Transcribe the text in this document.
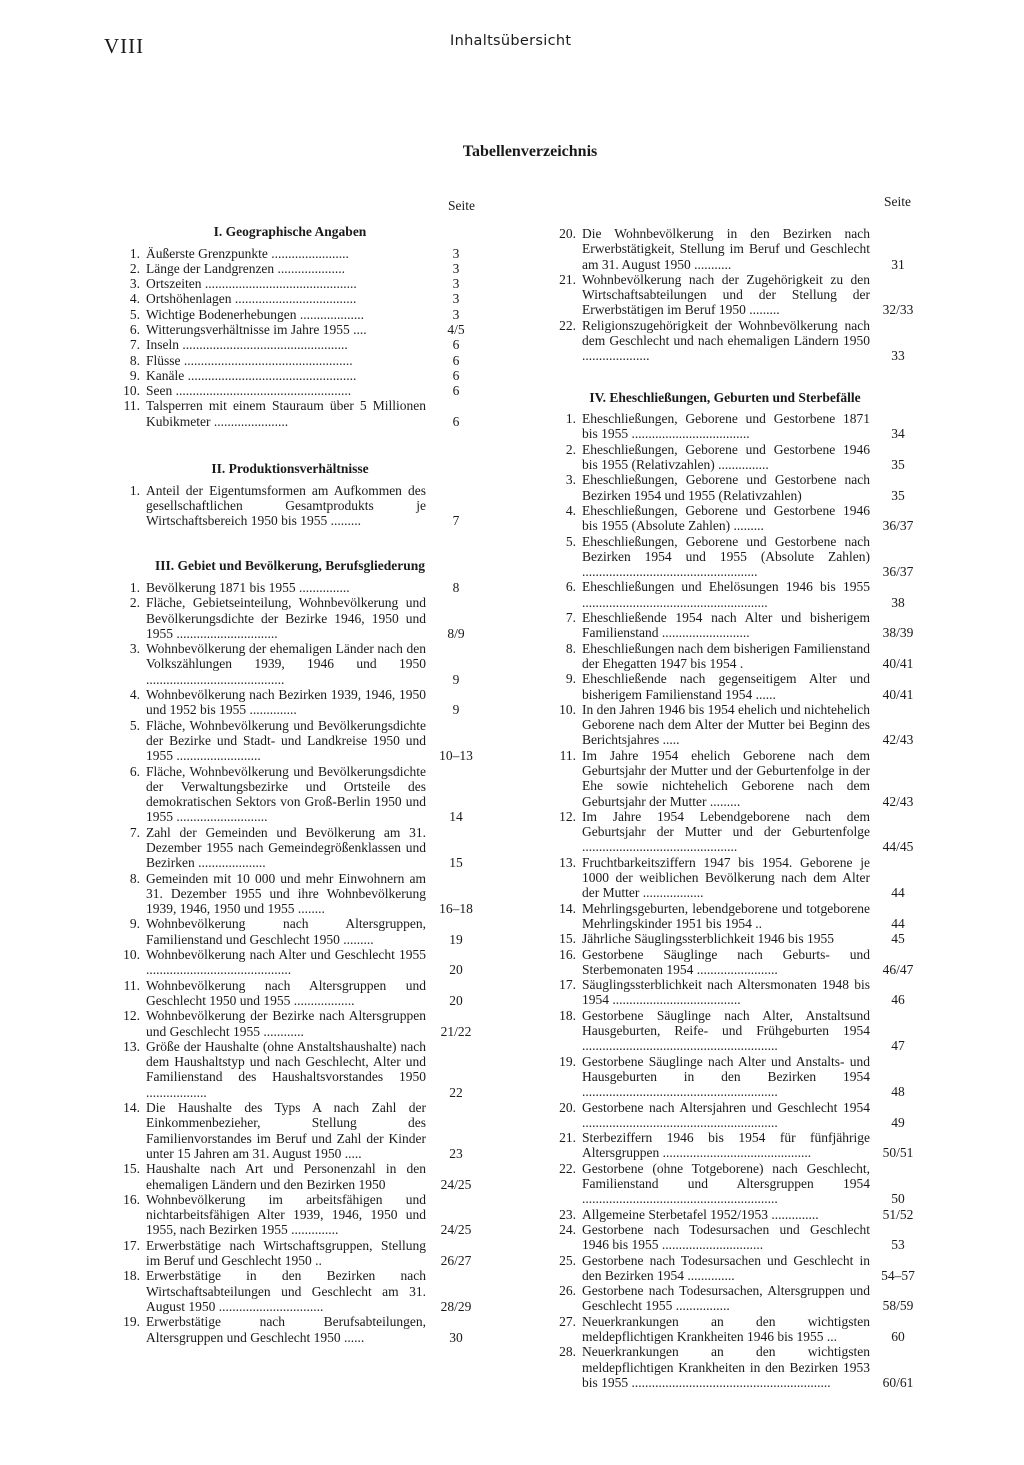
VIII	Inhaltsübersicht
Tabellenverzeichnis
Seite
I. Geographische Angaben
1. Äußerste Grenzpunkte .......................	3
2. Länge der Landgrenzen ....................	3
3. Ortszeiten .............................................	3
4. Ortshöhenlagen ....................................	3
5. Wichtige Bodenerhebungen ...................	3
6. Witterungsverhältnisse im Jahre 1955 ....	4/5
7. Inseln .................................................	6
8. Flüsse ..................................................	6
9. Kanäle ..................................................	6
10. Seen ....................................................	6
11. Talsperren mit einem Stauraum über 5 Millionen Kubikmeter ......................	6
II. Produktionsverhältnisse
1. Anteil der Eigentumsformen am Aufkommen des gesellschaftlichen Gesamtprodukts je Wirtschaftsbereich 1950 bis 1955 .........	7
III. Gebiet und Bevölkerung, Berufsgliederung
1. Bevölkerung 1871 bis 1955 ...............	8
2. Fläche, Gebietseinteilung, Wohnbevölkerung und Bevölkerungsdichte der Bezirke 1946, 1950 und 1955 ..............................	8/9
3. Wohnbevölkerung der ehemaligen Länder nach den Volkszählungen 1939, 1946 und 1950 .........................................	9
4. Wohnbevölkerung nach Bezirken 1939, 1946, 1950 und 1952 bis 1955 ..............	9
5. Fläche, Wohnbevölkerung und Bevölkerungsdichte der Bezirke und Stadt- und Landkreise 1950 und 1955 .........................	10–13
6. Fläche, Wohnbevölkerung und Bevölkerungsdichte der Verwaltungsbezirke und Ortsteile des demokratischen Sektors von Groß-Berlin 1950 und 1955 ...........................	14
7. Zahl der Gemeinden und Bevölkerung am 31. Dezember 1955 nach Gemeindegrößenklassen und Bezirken ....................	15
8. Gemeinden mit 10 000 und mehr Einwohnern am 31. Dezember 1955 und ihre Wohnbevölkerung 1939, 1946, 1950 und 1955 ........	16–18
9. Wohnbevölkerung nach Altersgruppen, Familienstand und Geschlecht 1950 .........	19
10. Wohnbevölkerung nach Alter und Geschlecht 1955 ...........................................	20
11. Wohnbevölkerung nach Altersgruppen und Geschlecht 1950 und 1955 ..................	20
12. Wohnbevölkerung der Bezirke nach Altersgruppen und Geschlecht 1955 ............	21/22
13. Größe der Haushalte (ohne Anstaltshaushalte) nach dem Haushaltstyp und nach Geschlecht, Alter und Familienstand des Haushaltsvorstandes 1950 ..................	22
14. Die Haushalte des Typs A nach Zahl der Einkommenbezieher, Stellung des Familienvorstandes im Beruf und Zahl der Kinder unter 15 Jahren am 31. August 1950 .....	23
15. Haushalte nach Art und Personenzahl in den ehemaligen Ländern und den Bezirken 1950	24/25
16. Wohnbevölkerung im arbeitsfähigen und nichtarbeitsfähigen Alter 1939, 1946, 1950 und 1955, nach Bezirken 1955 ..............	24/25
17. Erwerbstätige nach Wirtschaftsgruppen, Stellung im Beruf und Geschlecht 1950 ..	26/27
18. Erwerbstätige in den Bezirken nach Wirtschaftsabteilungen und Geschlecht am 31. August 1950 ...............................	28/29
19. Erwerbstätige nach Berufsabteilungen, Altersgruppen und Geschlecht 1950 ......	30
Seite
20. Die Wohnbevölkerung in den Bezirken nach Erwerbstätigkeit, Stellung im Beruf und Geschlecht am 31. August 1950 ...........	31
21. Wohnbevölkerung nach der Zugehörigkeit zu den Wirtschaftsabteilungen und der Stellung der Erwerbstätigen im Beruf 1950 .........	32/33
22. Religionszugehörigkeit der Wohnbevölkerung nach dem Geschlecht und nach ehemaligen Ländern 1950 ....................	33
IV. Eheschließungen, Geburten und Sterbefälle
1. Eheschließungen, Geborene und Gestorbene 1871 bis 1955 ...................................	34
2. Eheschließungen, Geborene und Gestorbene 1946 bis 1955 (Relativzahlen) ...............	35
3. Eheschließungen, Geborene und Gestorbene nach Bezirken 1954 und 1955 (Relativzahlen)	35
4. Eheschließungen, Geborene und Gestorbene 1946 bis 1955 (Absolute Zahlen) .........	36/37
5. Eheschließungen, Geborene und Gestorbene nach Bezirken 1954 und 1955 (Absolute Zahlen) ....................................................	36/37
6. Eheschließungen und Ehelösungen 1946 bis 1955 .......................................................	38
7. Eheschließende 1954 nach Alter und bisherigem Familienstand ..........................	38/39
8. Eheschließungen nach dem bisherigen Familienstand der Ehegatten 1947 bis 1954 .	40/41
9. Eheschließende nach gegenseitigem Alter und bisherigem Familienstand 1954 ......	40/41
10. In den Jahren 1946 bis 1954 ehelich und nichtehelich Geborene nach dem Alter der Mutter bei Beginn des Berichtsjahres .....	42/43
11. Im Jahre 1954 ehelich Geborene nach dem Geburtsjahr der Mutter und der Geburtenfolge in der Ehe sowie nichtehelich Geborene nach dem Geburtsjahr der Mutter .........	42/43
12. Im Jahre 1954 Lebendgeborene nach dem Geburtsjahr der Mutter und der Geburtenfolge ..............................................	44/45
13. Fruchtbarkeitsziffern 1947 bis 1954. Geborene je 1000 der weiblichen Bevölkerung nach dem Alter der Mutter ..................	44
14. Mehrlingsgeburten, lebendgeborene und totgeborene Mehrlingskinder 1951 bis 1954 ..	44
15. Jährliche Säuglingssterblichkeit 1946 bis 1955	45
16. Gestorbene Säuglinge nach Geburts- und Sterbemonaten 1954 ........................	46/47
17. Säuglingssterblichkeit nach Altersmonaten 1948 bis 1954 ......................................	46
18. Gestorbene Säuglinge nach Alter, Anstaltsund Hausgeburten, Reife- und Frühgeburten 1954 ..........................................................	47
19. Gestorbene Säuglinge nach Alter und Anstalts- und Hausgeburten in den Bezirken 1954 ..........................................................	48
20. Gestorbene nach Altersjahren und Geschlecht 1954 ..........................................................	49
21. Sterbeziffern 1946 bis 1954 für fünfjährige Altersgruppen ............................................	50/51
22. Gestorbene (ohne Totgeborene) nach Geschlecht, Familienstand und Altersgruppen 1954 ..........................................................	50
23. Allgemeine Sterbetafel 1952/1953 ..............	51/52
24. Gestorbene nach Todesursachen und Geschlecht 1946 bis 1955 ..............................	53
25. Gestorbene nach Todesursachen und Geschlecht in den Bezirken 1954 ..............	54–57
26. Gestorbene nach Todesursachen, Altersgruppen und Geschlecht 1955 ................	58/59
27. Neuerkrankungen an den wichtigsten meldepflichtigen Krankheiten 1946 bis 1955 ...	60
28. Neuerkrankungen an den wichtigsten meldepflichtigen Krankheiten in den Bezirken 1953 bis 1955 ...........................................................	60/61
